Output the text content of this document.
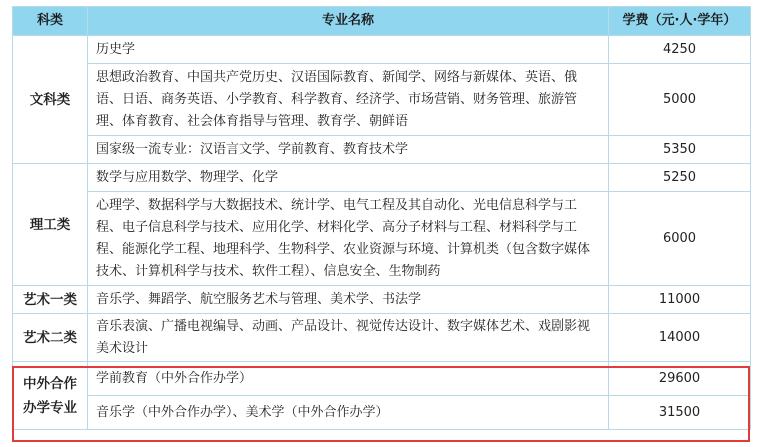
科类	专业名称	学费（元·人·学年）
文科类	历史学	4250
	思想政治教育、中国共产党历史、汉语国际教育、新闻学、网络与新媒体、英语、俄语、日语、商务英语、小学教育、科学教育、经济学、市场营销、财务管理、旅游管理、体育教育、社会体育指导与管理、教育学、朝鲜语	5000
	国家级一流专业：汉语言文学、学前教育、教育技术学	5350
理工类	数学与应用数学、物理学、化学	5250
	心理学、数据科学与大数据技术、统计学、电气工程及其自动化、光电信息科学与工程、电子信息科学与技术、应用化学、材料化学、高分子材料与工程、材料科学与工程、能源化学工程、地理科学、生物科学、农业资源与环境、计算机类（包含数字媒体技术、计算机科学与技术、软件工程）、信息安全、生物制药	6000
艺术一类	音乐学、舞蹈学、航空服务艺术与管理、美术学、书法学	11000
艺术二类	音乐表演、广播电视编导、动画、产品设计、视觉传达设计、数字媒体艺术、戏剧影视美术设计	14000
中外合作办学专业	学前教育（中外合作办学）	29600
	音乐学（中外合作办学）、美术学（中外合作办学）	31500
